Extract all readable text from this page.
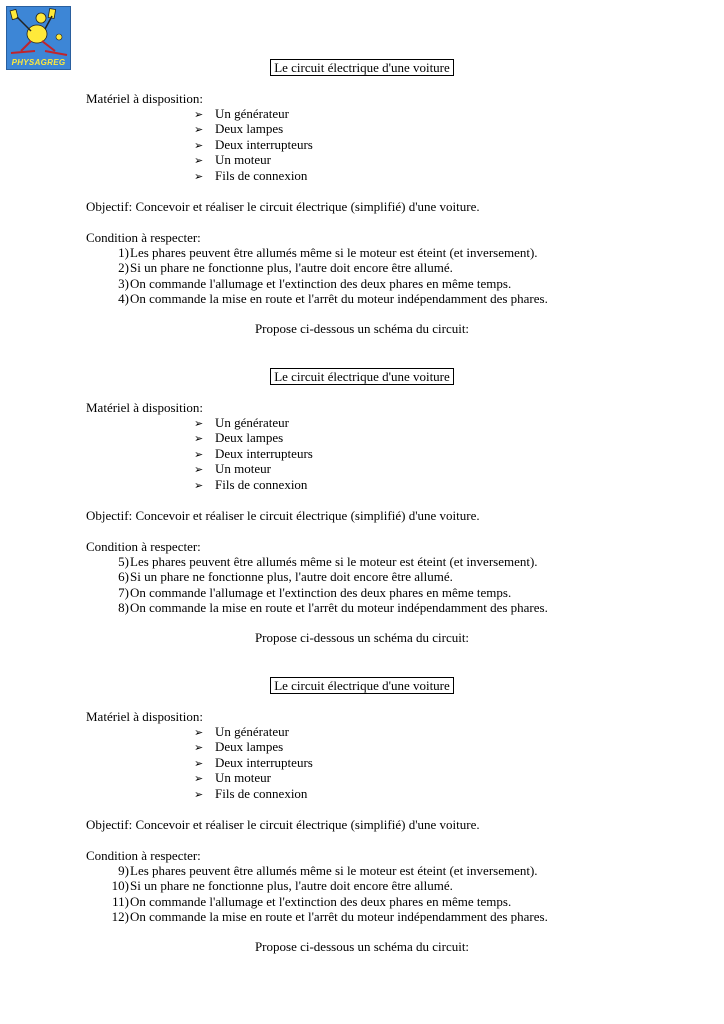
PHYSAGREG	Le circuit électrique d'une voiture
Matériel à disposition:
➢ Un générateur
➢ Deux lampes
➢ Deux interrupteurs
➢ Un moteur
➢ Fils de connexion
Objectif: Concevoir et réaliser le circuit électrique (simplifié) d'une voiture.
Condition à respecter:
1)Les phares peuvent être allumés même si le moteur est éteint (et inversement).
2)Si un phare ne fonctionne plus, l'autre doit encore être allumé.
3)On commande l'allumage et l'extinction des deux phares en même temps.
4)On commande la mise en route et l'arrêt du moteur indépendamment des phares.
Propose ci-dessous un schéma du circuit:
Le circuit électrique d'une voiture
Matériel à disposition:
➢ Un générateur
➢ Deux lampes
➢ Deux interrupteurs
➢ Un moteur
➢ Fils de connexion
Objectif: Concevoir et réaliser le circuit électrique (simplifié) d'une voiture.
Condition à respecter:
5)Les phares peuvent être allumés même si le moteur est éteint (et inversement).
6)Si un phare ne fonctionne plus, l'autre doit encore être allumé.
7)On commande l'allumage et l'extinction des deux phares en même temps.
8)On commande la mise en route et l'arrêt du moteur indépendamment des phares.
Propose ci-dessous un schéma du circuit:
Le circuit électrique d'une voiture
Matériel à disposition:
➢ Un générateur
➢ Deux lampes
➢ Deux interrupteurs
➢ Un moteur
➢ Fils de connexion
Objectif: Concevoir et réaliser le circuit électrique (simplifié) d'une voiture.
Condition à respecter:
9)Les phares peuvent être allumés même si le moteur est éteint (et inversement).
10)Si un phare ne fonctionne plus, l'autre doit encore être allumé.
11)On commande l'allumage et l'extinction des deux phares en même temps.
12)On commande la mise en route et l'arrêt du moteur indépendamment des phares.
Propose ci-dessous un schéma du circuit:
